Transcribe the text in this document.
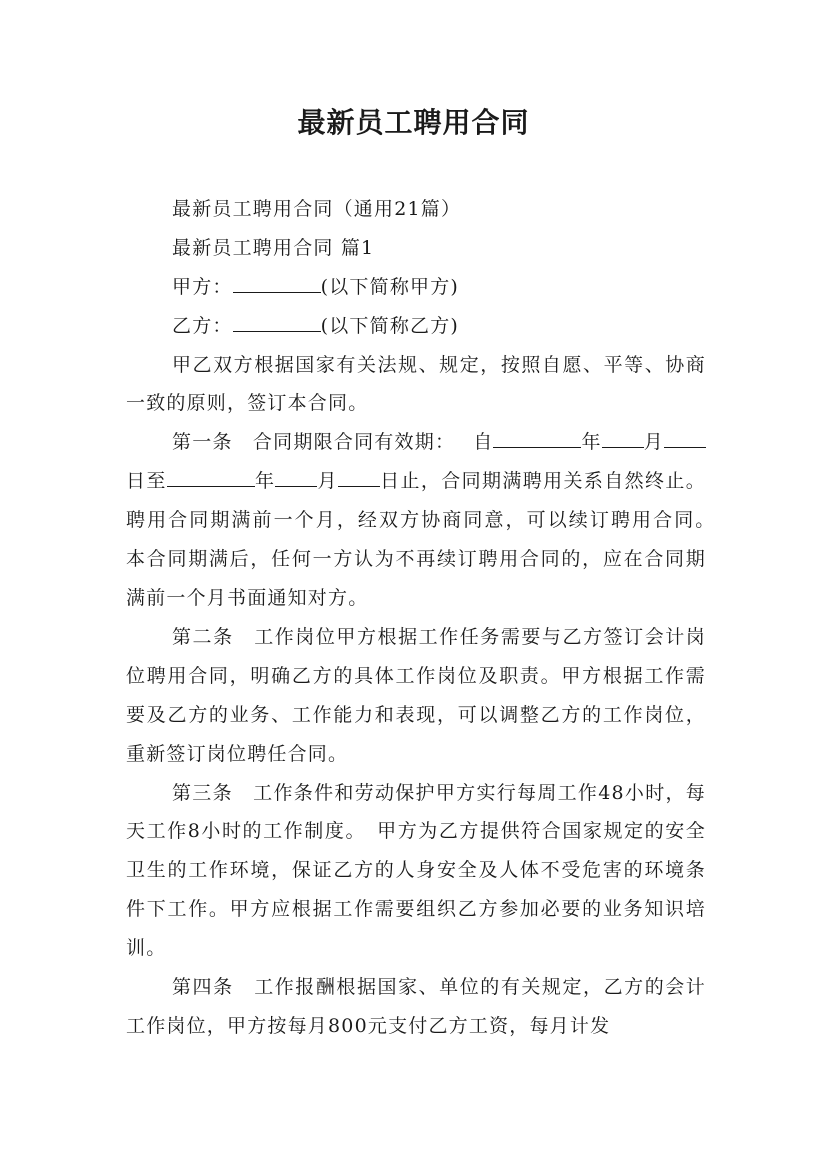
最新员工聘用合同
最新员工聘用合同（通用21篇）
最新员工聘用合同 篇1
甲方：	(以下简称甲方)
乙方：	(以下简称乙方)

甲乙双方根据国家有关法规、规定，按照自愿、平等、协商一致的原则，签订本合同。

第一条　合同期限合同有效期：　 自	年 月日至	年 月 日止，合同期满聘用关系自然终止。聘用合同期满前一个月，经双方协商同意，可以续订聘用合同。　本合同期满后，任何一方认为不再续订聘用合同的，应在合同期满前一个月书面通知对方。

第二条　工作岗位甲方根据工作任务需要与乙方签订会计岗位聘用合同，明确乙方的具体工作岗位及职责。甲方根据工作需要及乙方的业务、工作能力和表现，可以调整乙方的工作岗位，重新签订岗位聘任合同。

第三条　工作条件和劳动保护甲方实行每周工作48小时，每天工作8小时的工作制度。　甲方为乙方提供符合国家规定的安全卫生的工作环境，保证乙方的人身安全及人体不受危害的环境条件下工作。甲方应根据工作需要组织乙方参加必要的业务知识培训。

第四条　工作报酬根据国家、单位的有关规定，乙方的会计工作岗位，甲方按每月800元支付乙方工资，每月计发
